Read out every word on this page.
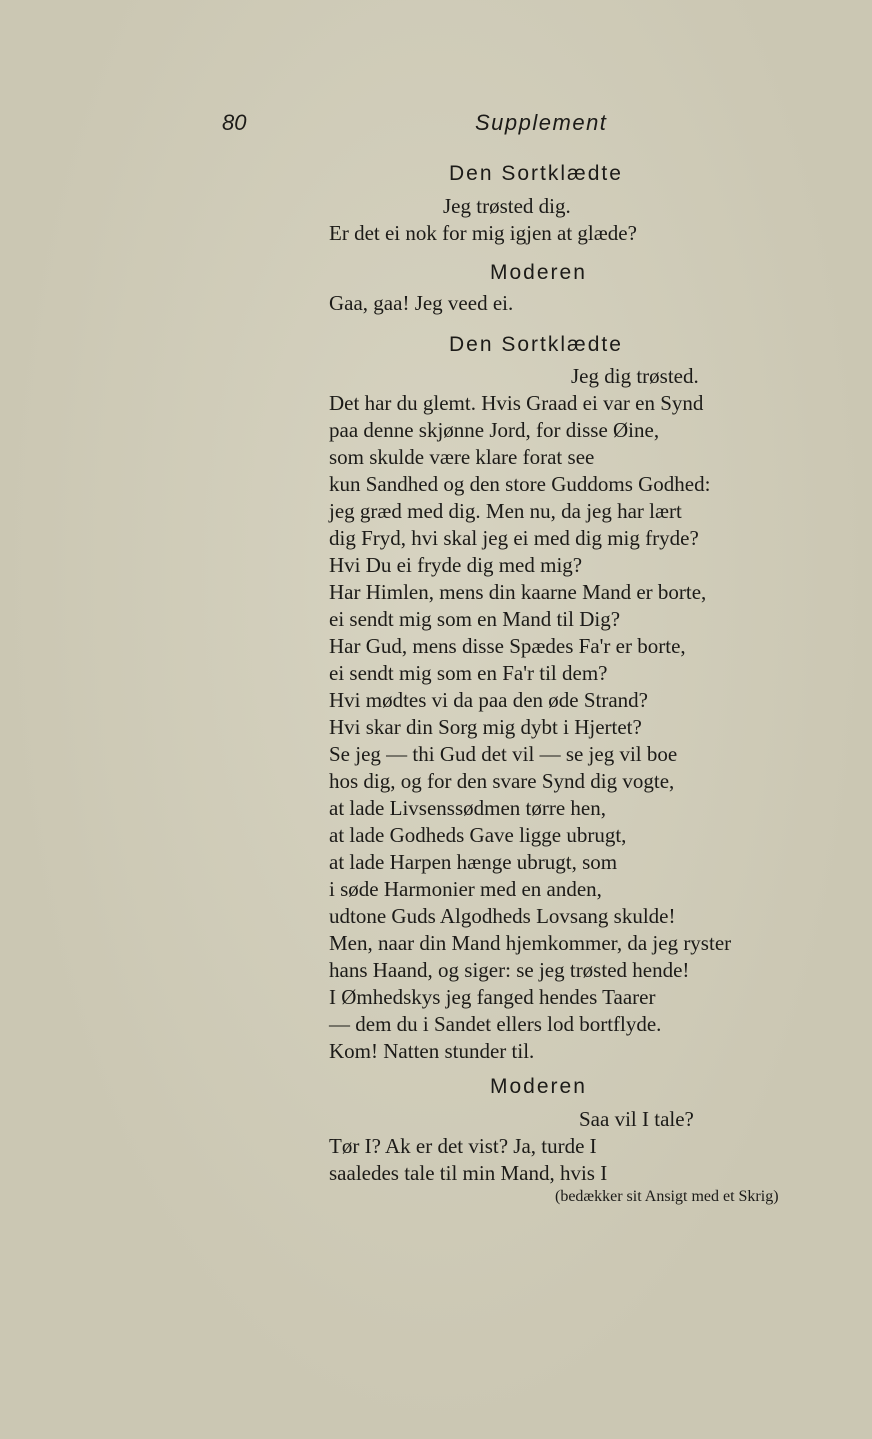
80	Supplement
Den Sortklædte
Jeg trøsted dig.
Er det ei nok for mig igjen at glæde?
Moderen
Gaa, gaa! Jeg veed ei.
Den Sortklædte
Jeg dig trøsted.
Det har du glemt. Hvis Graad ei var en Synd
paa denne skjønne Jord, for disse Øine,
som skulde være klare forat see
kun Sandhed og den store Guddoms Godhed:
jeg græd med dig. Men nu, da jeg har lært
dig Fryd, hvi skal jeg ei med dig mig fryde?
Hvi Du ei fryde dig med mig?
Har Himlen, mens din kaarne Mand er borte,
ei sendt mig som en Mand til Dig?
Har Gud, mens disse Spædes Fa'r er borte,
ei sendt mig som en Fa'r til dem?
Hvi mødtes vi da paa den øde Strand?
Hvi skar din Sorg mig dybt i Hjertet?
Se jeg — thi Gud det vil — se jeg vil boe
hos dig, og for den svare Synd dig vogte,
at lade Livsenssødmen tørre hen,
at lade Godheds Gave ligge ubrugt,
at lade Harpen hænge ubrugt, som
i søde Harmonier med en anden,
udtone Guds Algodheds Lovsang skulde!
Men, naar din Mand hjemkommer, da jeg ryster
hans Haand, og siger: se jeg trøsted hende!
I Ømhedskys jeg fanged hendes Taarer
— dem du i Sandet ellers lod bortflyde.
Kom! Natten stunder til.
Moderen
Saa vil I tale?
Tør I? Ak er det vist? Ja, turde I
saaledes tale til min Mand, hvis I
(bedækker sit Ansigt med et Skrig)
